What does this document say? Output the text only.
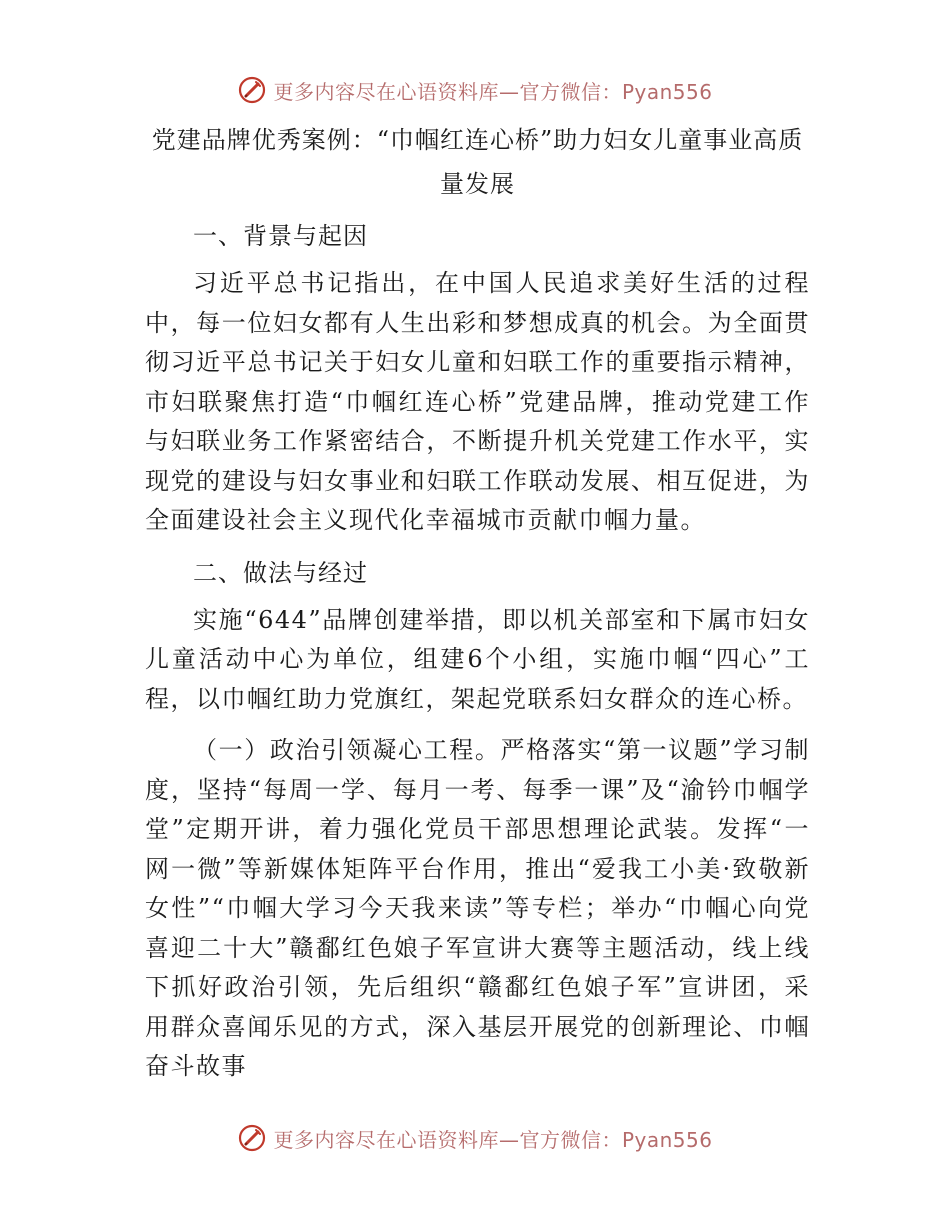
更多内容尽在心语资料库—官方微信：Pyan556
党建品牌优秀案例：“巾帼红连心桥”助力妇女儿童事业高质
量发展

一、背景与起因

习近平总书记指出，在中国人民追求美好生活的过程中，每一位妇女都有人生出彩和梦想成真的机会。为全面贯彻习近平总书记关于妇女儿童和妇联工作的重要指示精神，市妇联聚焦打造“巾帼红连心桥”党建品牌，推动党建工作与妇联业务工作紧密结合，不断提升机关党建工作水平，实现党的建设与妇女事业和妇联工作联动发展、相互促进，为全面建设社会主义现代化幸福城市贡献巾帼力量。

二、做法与经过

实施“644”品牌创建举措，即以机关部室和下属市妇女儿童活动中心为单位，组建6个小组，实施巾帼“四心”工程，以巾帼红助力党旗红，架起党联系妇女群众的连心桥。

（一）政治引领凝心工程。严格落实“第一议题”学习制度，坚持“每周一学、每月一考、每季一课”及“渝钤巾帼学堂”定期开讲，着力强化党员干部思想理论武装。发挥“一网一微”等新媒体矩阵平台作用，推出“爱我工小美·致敬新女性”“巾帼大学习今天我来读”等专栏；举办“巾帼心向党喜迎二十大”赣鄱红色娘子军宣讲大赛等主题活动，线上线下抓好政治引领，先后组织“赣鄱红色娘子军”宣讲团，采用群众喜闻乐见的方式，深入基层开展党的创新理论、巾帼奋斗故事

更多内容尽在心语资料库—官方微信：Pyan556
